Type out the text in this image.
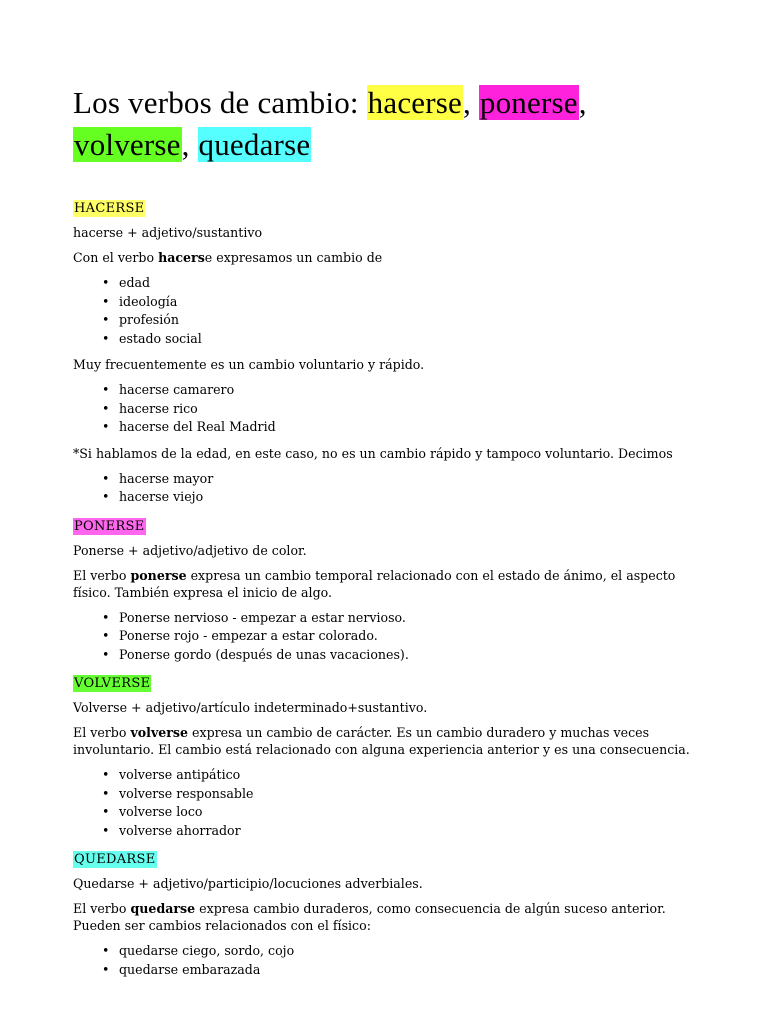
Los verbos de cambio: hacerse, ponerse,
volverse, quedarse
HACERSE

hacerse + adjetivo/sustantivo

Con el verbo hacerse expresamos un cambio de

• edad
• ideología
• profesión
• estado social

Muy frecuentemente es un cambio voluntario y rápido.

• hacerse camarero
• hacerse rico
• hacerse del Real Madrid

*Si hablamos de la edad, en este caso, no es un cambio rápido y tampoco voluntario. Decimos

• hacerse mayor
• hacerse viejo
PONERSE

Ponerse + adjetivo/adjetivo de color.

El verbo ponerse expresa un cambio temporal relacionado con el estado de ánimo, el aspecto físico. También expresa el inicio de algo.

• Ponerse nervioso - empezar a estar nervioso.
• Ponerse rojo - empezar a estar colorado.
• Ponerse gordo (después de unas vacaciones).
VOLVERSE

Volverse + adjetivo/artículo indeterminado+sustantivo.

El verbo volverse expresa un cambio de carácter. Es un cambio duradero y muchas veces involuntario. El cambio está relacionado con alguna experiencia anterior y es una consecuencia.

• volverse antipático
• volverse responsable
• volverse loco
• volverse ahorrador
QUEDARSE

Quedarse + adjetivo/participio/locuciones adverbiales.

El verbo quedarse expresa cambio duraderos, como consecuencia de algún suceso anterior. Pueden ser cambios relacionados con el físico:

• quedarse ciego, sordo, cojo
• quedarse embarazada
